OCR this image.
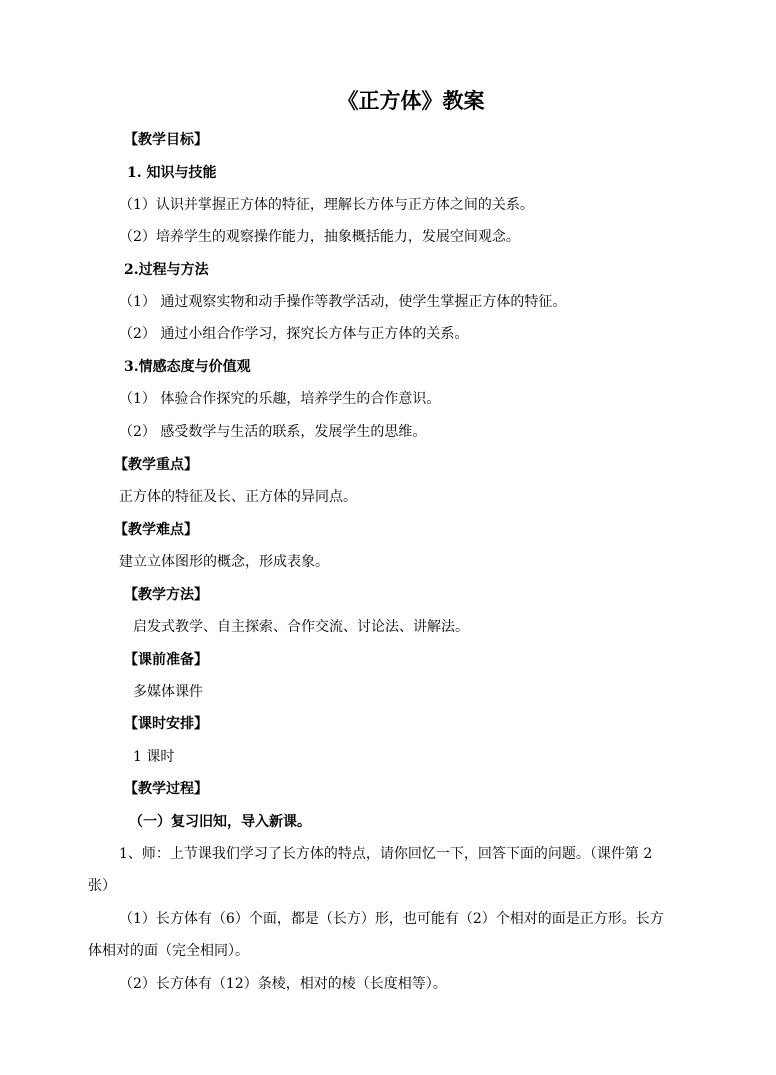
《正方体》教案
【教学目标】
1. 知识与技能
（1）认识并掌握正方体的特征，理解长方体与正方体之间的关系。
（2）培养学生的观察操作能力，抽象概括能力，发展空间观念。
2.过程与方法
（1） 通过观察实物和动手操作等教学活动，使学生掌握正方体的特征。
（2） 通过小组合作学习，探究长方体与正方体的关系。
3.情感态度与价值观
（1） 体验合作探究的乐趣，培养学生的合作意识。
（2） 感受数学与生活的联系，发展学生的思维。
【教学重点】
正方体的特征及长、正方体的异同点。
【教学难点】
建立立体图形的概念，形成表象。
【教学方法】
启发式教学、自主探索、合作交流、讨论法、讲解法。
【课前准备】
多媒体课件
【课时安排】
1 课时
【教学过程】
（一）复习旧知，导入新课。
1、师：上节课我们学习了长方体的特点，请你回忆一下，回答下面的问题。（课件第 2
张）
（1）长方体有（6）个面，都是（长方）形，也可能有（2）个相对的面是正方形。长方
体相对的面（完全相同）。
（2）长方体有（12）条棱，相对的棱（长度相等）。
